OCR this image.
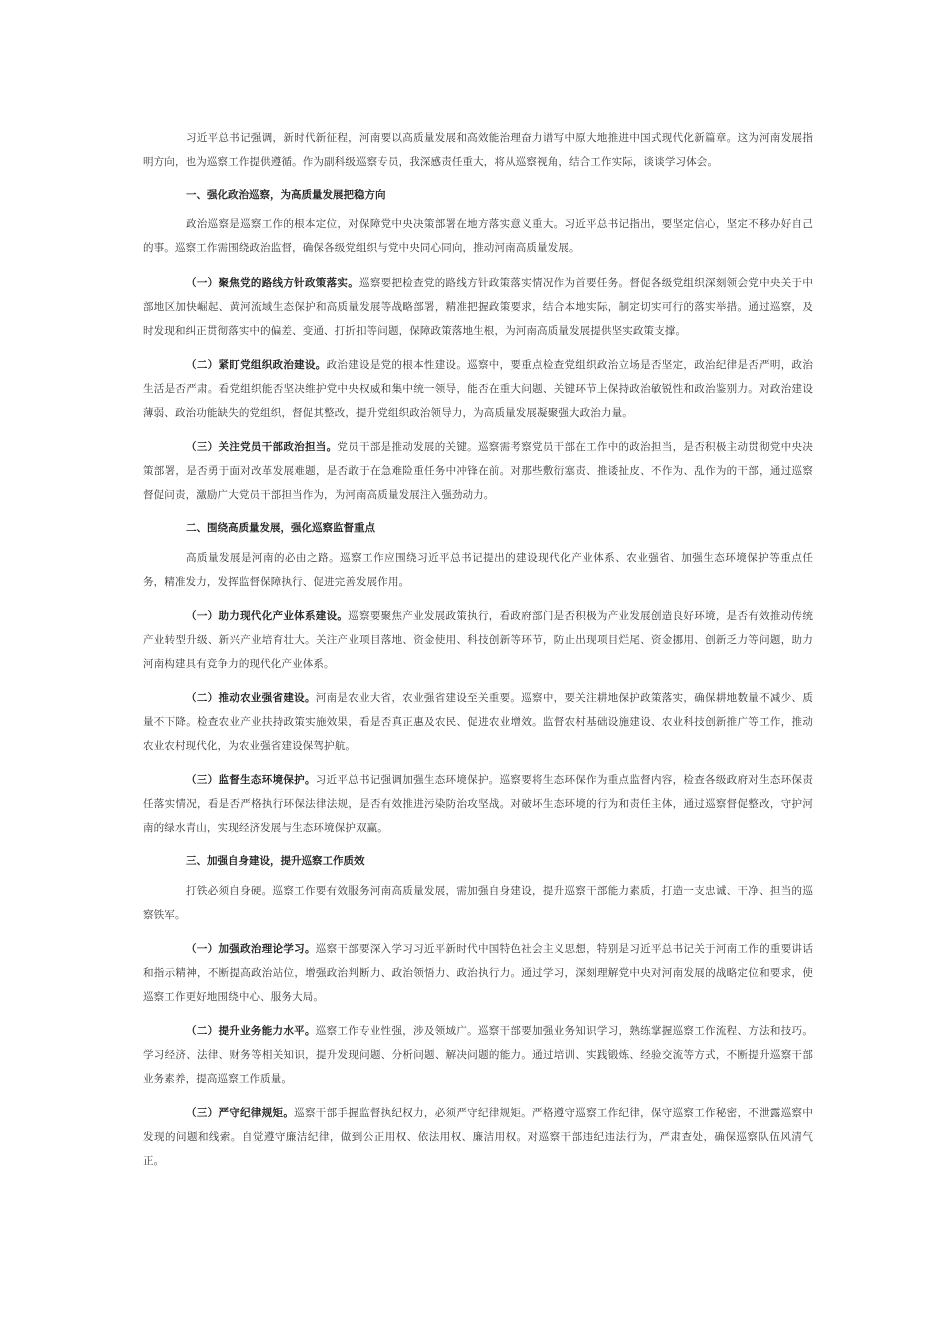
习近平总书记强调，新时代新征程，河南要以高质量发展和高效能治理奋力谱写中原大地推进中国式现代化新篇章。这为河南发展指明方向，也为巡察工作提供遵循。作为副科级巡察专员，我深感责任重大，将从巡察视角，结合工作实际，谈谈学习体会。

一、强化政治巡察，为高质量发展把稳方向

政治巡察是巡察工作的根本定位，对保障党中央决策部署在地方落实意义重大。习近平总书记指出，要坚定信心，坚定不移办好自己的事。巡察工作需围绕政治监督，确保各级党组织与党中央同心同向，推动河南高质量发展。

（一）聚焦党的路线方针政策落实。巡察要把检查党的路线方针政策落实情况作为首要任务。督促各级党组织深刻领会党中央关于中部地区加快崛起、黄河流域生态保护和高质量发展等战略部署，精准把握政策要求，结合本地实际，制定切实可行的落实举措。通过巡察，及时发现和纠正贯彻落实中的偏差、变通、打折扣等问题，保障政策落地生根，为河南高质量发展提供坚实政策支撑。

（二）紧盯党组织政治建设。政治建设是党的根本性建设。巡察中，要重点检查党组织政治立场是否坚定，政治纪律是否严明，政治生活是否严肃。看党组织能否坚决维护党中央权威和集中统一领导，能否在重大问题、关键环节上保持政治敏锐性和政治鉴别力。对政治建设薄弱、政治功能缺失的党组织，督促其整改，提升党组织政治领导力，为高质量发展凝聚强大政治力量。

（三）关注党员干部政治担当。党员干部是推动发展的关键。巡察需考察党员干部在工作中的政治担当，是否积极主动贯彻党中央决策部署，是否勇于面对改革发展难题，是否敢于在急难险重任务中冲锋在前。对那些敷衍塞责、推诿扯皮、不作为、乱作为的干部，通过巡察督促问责，激励广大党员干部担当作为，为河南高质量发展注入强劲动力。

二、围绕高质量发展，强化巡察监督重点

高质量发展是河南的必由之路。巡察工作应围绕习近平总书记提出的建设现代化产业体系、农业强省、加强生态环境保护等重点任务，精准发力，发挥监督保障执行、促进完善发展作用。

（一）助力现代化产业体系建设。巡察要聚焦产业发展政策执行，看政府部门是否积极为产业发展创造良好环境，是否有效推动传统产业转型升级、新兴产业培育壮大。关注产业项目落地、资金使用、科技创新等环节，防止出现项目烂尾、资金挪用、创新乏力等问题，助力河南构建具有竞争力的现代化产业体系。

（二）推动农业强省建设。河南是农业大省，农业强省建设至关重要。巡察中，要关注耕地保护政策落实，确保耕地数量不减少、质量不下降。检查农业产业扶持政策实施效果，看是否真正惠及农民、促进农业增效。监督农村基础设施建设、农业科技创新推广等工作，推动农业农村现代化，为农业强省建设保驾护航。

（三）监督生态环境保护。习近平总书记强调加强生态环境保护。巡察要将生态环保作为重点监督内容，检查各级政府对生态环保责任落实情况，看是否严格执行环保法律法规，是否有效推进污染防治攻坚战。对破坏生态环境的行为和责任主体，通过巡察督促整改，守护河南的绿水青山，实现经济发展与生态环境保护双赢。

三、加强自身建设，提升巡察工作质效

打铁必须自身硬。巡察工作要有效服务河南高质量发展，需加强自身建设，提升巡察干部能力素质，打造一支忠诚、干净、担当的巡察铁军。

（一）加强政治理论学习。巡察干部要深入学习习近平新时代中国特色社会主义思想，特别是习近平总书记关于河南工作的重要讲话和指示精神，不断提高政治站位，增强政治判断力、政治领悟力、政治执行力。通过学习，深刻理解党中央对河南发展的战略定位和要求，使巡察工作更好地围绕中心、服务大局。

（二）提升业务能力水平。巡察工作专业性强，涉及领域广。巡察干部要加强业务知识学习，熟练掌握巡察工作流程、方法和技巧。学习经济、法律、财务等相关知识，提升发现问题、分析问题、解决问题的能力。通过培训、实践锻炼、经验交流等方式，不断提升巡察干部业务素养，提高巡察工作质量。

（三）严守纪律规矩。巡察干部手握监督执纪权力，必须严守纪律规矩。严格遵守巡察工作纪律，保守巡察工作秘密，不泄露巡察中发现的问题和线索。自觉遵守廉洁纪律，做到公正用权、依法用权、廉洁用权。对巡察干部违纪违法行为，严肃查处，确保巡察队伍风清气正。
